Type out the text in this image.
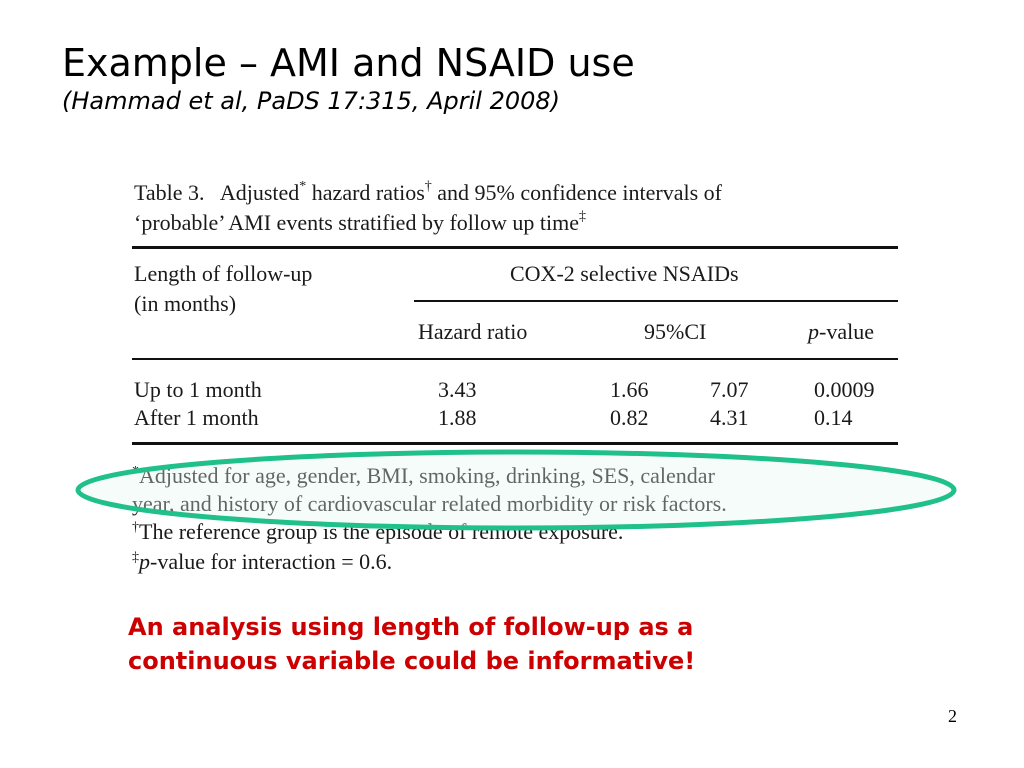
Example – AMI and NSAID use
(Hammad et al, PaDS 17:315, April 2008)
Table 3. Adjusted* hazard ratios† and 95% confidence intervals of
‘probable’ AMI events stratified by follow up time‡
Length of follow-up
(in months)
COX-2 selective NSAIDs
Hazard ratio	95%CI	p-value
Up to 1 month	3.43	1.66	7.07	0.0009
After 1 month	1.88	0.82	4.31	0.14
*Adjusted for age, gender, BMI, smoking, drinking, SES, calendar
year, and history of cardiovascular related morbidity or risk factors.
†The reference group is the episode of remote exposure.
‡p-value for interaction = 0.6.
An analysis using length of follow-up as a
continuous variable could be informative!
2
